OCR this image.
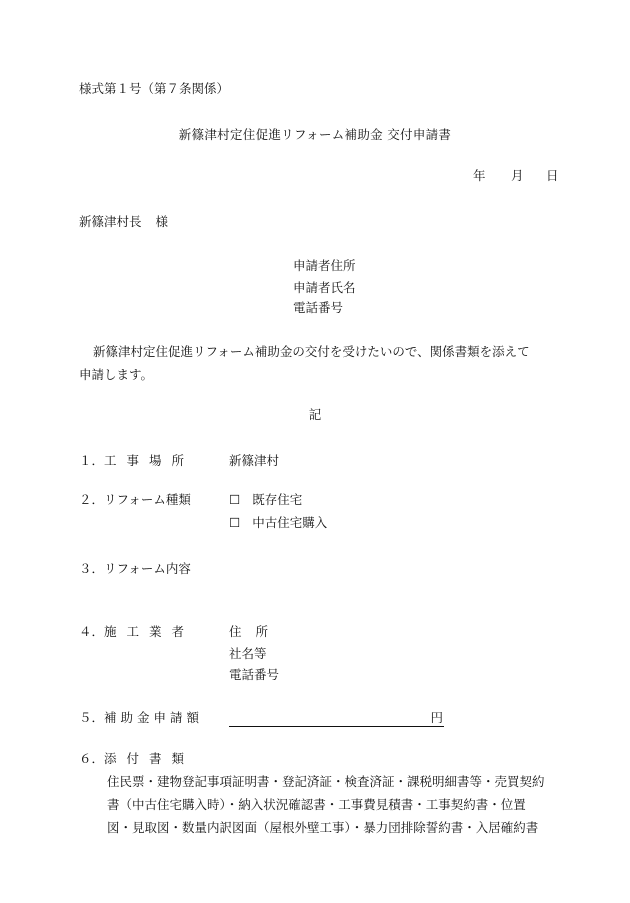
様式第１号（第７条関係）
新篠津村定住促進リフォーム補助金 交付申請書
年 月 日
新篠津村長 様
申請者住所
申請者氏名
電話番号
新篠津村定住促進リフォーム補助金の交付を受けたいので、関係書類を添えて
申請します。
記
１．工事場所	新篠津村
２．リフォーム種類	☐ 既存住宅
☐ 中古住宅購入
３．リフォーム内容
４．施工業者	住 所
社名等
電話番号
５．補助金申請額	円
６．添付書類
住民票・建物登記事項証明書・登記済証・検査済証・課税明細書等・売買契約
書（中古住宅購入時）・納入状況確認書・工事費見積書・工事契約書・位置
図・見取図・数量内訳図面（屋根外壁工事）・暴力団排除誓約書・入居確約書
